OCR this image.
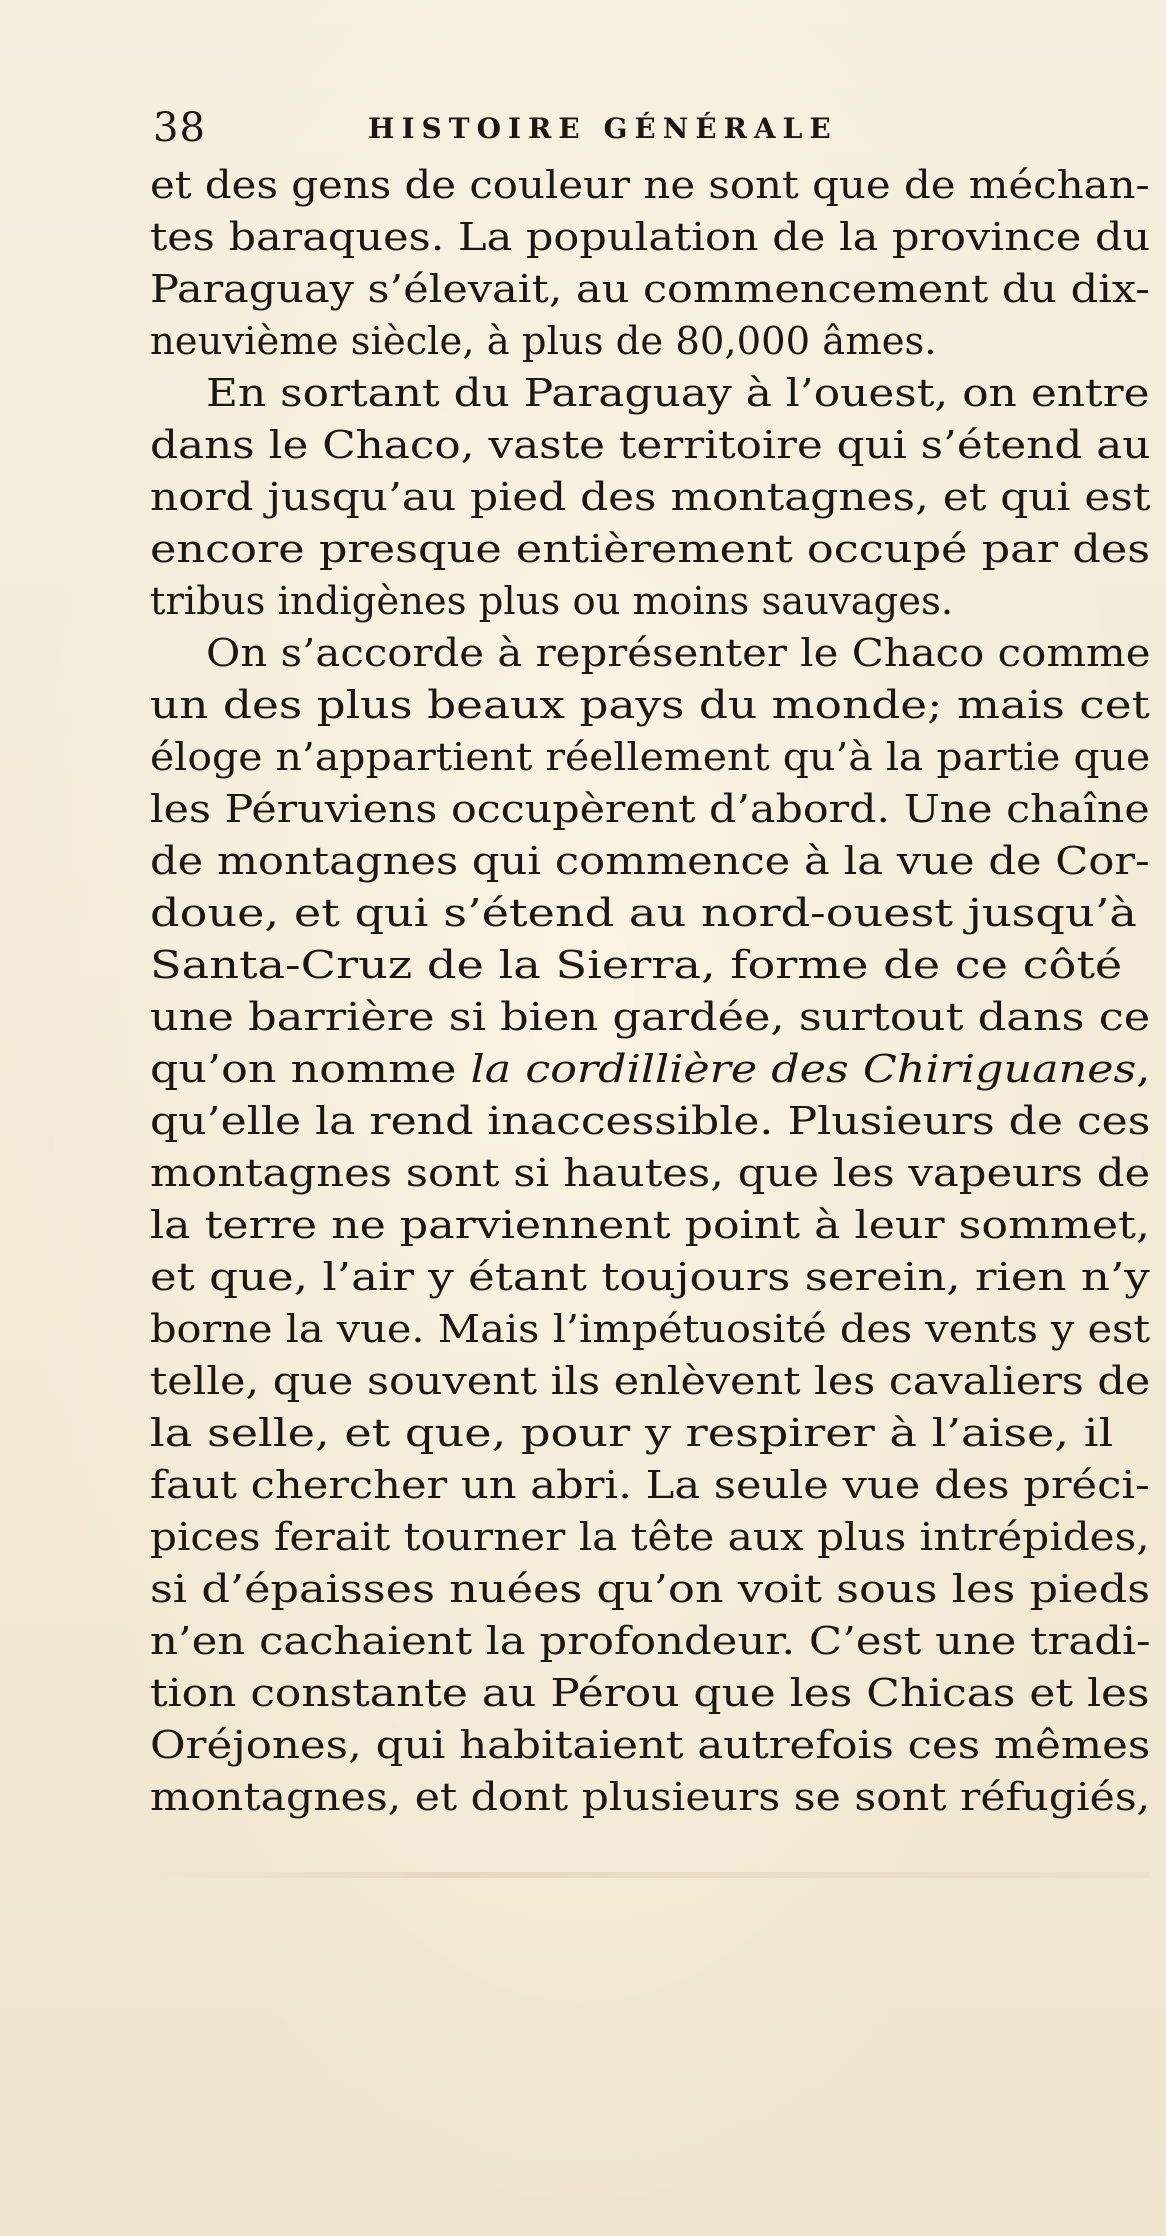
38	HISTOIRE GÉNÉRALE
et des gens de couleur ne sont que de méchan-
tes baraques. La population de la province du
Paraguay s’élevait, au commencement du dix-
neuvième siècle, à plus de 80,000 âmes.
En sortant du Paraguay à l’ouest, on entre
dans le Chaco, vaste territoire qui s’étend au
nord jusqu’au pied des montagnes, et qui est
encore presque entièrement occupé par des
tribus indigènes plus ou moins sauvages.
On s’accorde à représenter le Chaco comme
un des plus beaux pays du monde; mais cet
éloge n’appartient réellement qu’à la partie que
les Péruviens occupèrent d’abord. Une chaîne
de montagnes qui commence à la vue de Cor-
doue, et qui s’étend au nord-ouest jusqu’à
Santa-Cruz de la Sierra, forme de ce côté
une barrière si bien gardée, surtout dans ce
qu’on nomme la cordillière des Chiriguanes,
qu’elle la rend inaccessible. Plusieurs de ces
montagnes sont si hautes, que les vapeurs de
la terre ne parviennent point à leur sommet,
et que, l’air y étant toujours serein, rien n’y
borne la vue. Mais l’impétuosité des vents y est
telle, que souvent ils enlèvent les cavaliers de
la selle, et que, pour y respirer à l’aise, il
faut chercher un abri. La seule vue des préci-
pices ferait tourner la tête aux plus intrépides,
si d’épaisses nuées qu’on voit sous les pieds
n’en cachaient la profondeur. C’est une tradi-
tion constante au Pérou que les Chicas et les
Oréjones, qui habitaient autrefois ces mêmes
montagnes, et dont plusieurs se sont réfugiés,
